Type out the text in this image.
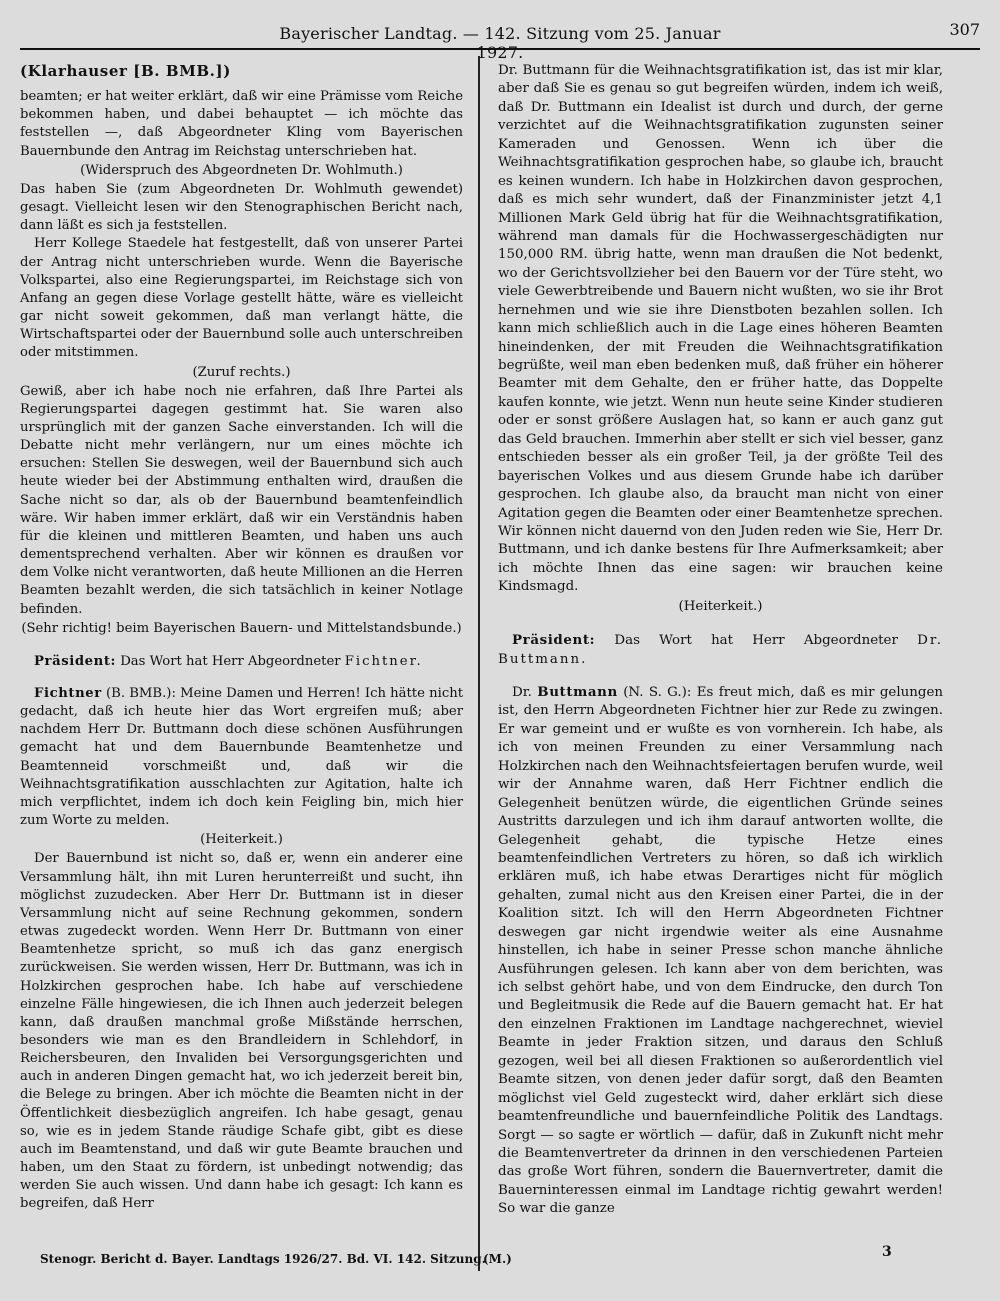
Bayerischer Landtag. — 142. Sitzung vom 25. Januar 1927.
307

(Klarhauser [B. BMB.])

beamten; er hat weiter erklärt, daß wir eine Prämisse vom Reiche bekommen haben, und dabei behauptet — ich möchte das feststellen —, daß Abgeordneter Kling vom Bayerischen Bauernbunde den Antrag im Reichstag unterschrieben hat.

(Widerspruch des Abgeordneten Dr. Wohlmuth.)

Das haben Sie (zum Abgeordneten Dr. Wohlmuth gewendet) gesagt. Vielleicht lesen wir den Stenographischen Bericht nach, dann läßt es sich ja feststellen.

Herr Kollege Staedele hat festgestellt, daß von unserer Partei der Antrag nicht unterschrieben wurde. Wenn die Bayerische Volkspartei, also eine Regierungspartei, im Reichstage sich von Anfang an gegen diese Vorlage gestellt hätte, wäre es vielleicht gar nicht soweit gekommen, daß man verlangt hätte, die Wirtschaftspartei oder der Bauernbund solle auch unterschreiben oder mitstimmen.

(Zuruf rechts.)

Gewiß, aber ich habe noch nie erfahren, daß Ihre Partei als Regierungspartei dagegen gestimmt hat. Sie waren also ursprünglich mit der ganzen Sache einverstanden. Ich will die Debatte nicht mehr verlängern, nur um eines möchte ich ersuchen: Stellen Sie deswegen, weil der Bauernbund sich auch heute wieder bei der Abstimmung enthalten wird, draußen die Sache nicht so dar, als ob der Bauernbund beamtenfeindlich wäre. Wir haben immer erklärt, daß wir ein Verständnis haben für die kleinen und mittleren Beamten, und haben uns auch dementsprechend verhalten. Aber wir können es draußen vor dem Volke nicht verantworten, daß heute Millionen an die Herren Beamten bezahlt werden, die sich tatsächlich in keiner Notlage befinden.

(Sehr richtig! beim Bayerischen Bauern- und Mittelstandsbunde.)

Präsident: Das Wort hat Herr Abgeordneter Fichtner.

Fichtner (B. BMB.): Meine Damen und Herren! Ich hätte nicht gedacht, daß ich heute hier das Wort ergreifen muß; aber nachdem Herr Dr. Buttmann doch diese schönen Ausführungen gemacht hat und dem Bauernbunde Beamtenhetze und Beamtenneid vorschmeißt und, daß wir die Weihnachtsgratifikation ausschlachten zur Agitation, halte ich mich verpflichtet, indem ich doch kein Feigling bin, mich hier zum Worte zu melden.

(Heiterkeit.)

Der Bauernbund ist nicht so, daß er, wenn ein anderer eine Versammlung hält, ihn mit Luren herunterreißt und sucht, ihn möglichst zuzudecken. Aber Herr Dr. Buttmann ist in dieser Versammlung nicht auf seine Rechnung gekommen, sondern etwas zugedeckt worden. Wenn Herr Dr. Buttmann von einer Beamtenhetze spricht, so muß ich das ganz energisch zurückweisen. Sie werden wissen, Herr Dr. Buttmann, was ich in Holzkirchen gesprochen habe. Ich habe auf verschiedene einzelne Fälle hingewiesen, die ich Ihnen auch jederzeit belegen kann, daß draußen manchmal große Mißstände herrschen, besonders wie man es den Brandleidern in Schlehdorf, in Reichersbeuren, den Invaliden bei Versorgungsgerichten und auch in anderen Dingen gemacht hat, wo ich jederzeit bereit bin, die Belege zu bringen. Aber ich möchte die Beamten nicht in der Öffentlichkeit diesbezüglich angreifen. Ich habe gesagt, genau so, wie es in jedem Stande räudige Schafe gibt, gibt es diese auch im Beamtenstand, und daß wir gute Beamte brauchen und haben, um den Staat zu fördern, ist unbedingt notwendig; das werden Sie auch wissen. Und dann habe ich gesagt: Ich kann es begreifen, daß Herr

Dr. Buttmann für die Weihnachtsgratifikation ist, das ist mir klar, aber daß Sie es genau so gut begreifen würden, indem ich weiß, daß Dr. Buttmann ein Idealist ist durch und durch, der gerne verzichtet auf die Weihnachtsgratifikation zugunsten seiner Kameraden und Genossen. Wenn ich über die Weihnachtsgratifikation gesprochen habe, so glaube ich, braucht es keinen wundern. Ich habe in Holzkirchen davon gesprochen, daß es mich sehr wundert, daß der Finanzminister jetzt 4,1 Millionen Mark Geld übrig hat für die Weihnachtsgratifikation, während man damals für die Hochwassergeschädigten nur 150,000 RM. übrig hatte, wenn man draußen die Not bedenkt, wo der Gerichtsvollzieher bei den Bauern vor der Türe steht, wo viele Gewerbtreibende und Bauern nicht wußten, wo sie ihr Brot hernehmen und wie sie ihre Dienstboten bezahlen sollen. Ich kann mich schließlich auch in die Lage eines höheren Beamten hineindenken, der mit Freuden die Weihnachtsgratifikation begrüßte, weil man eben bedenken muß, daß früher ein höherer Beamter mit dem Gehalte, den er früher hatte, das Doppelte kaufen konnte, wie jetzt. Wenn nun heute seine Kinder studieren oder er sonst größere Auslagen hat, so kann er auch ganz gut das Geld brauchen. Immerhin aber stellt er sich viel besser, ganz entschieden besser als ein großer Teil, ja der größte Teil des bayerischen Volkes und aus diesem Grunde habe ich darüber gesprochen. Ich glaube also, da braucht man nicht von einer Agitation gegen die Beamten oder einer Beamtenhetze sprechen. Wir können nicht dauernd von den Juden reden wie Sie, Herr Dr. Buttmann, und ich danke bestens für Ihre Aufmerksamkeit; aber ich möchte Ihnen das eine sagen: wir brauchen keine Kindsmagd.

(Heiterkeit.)

Präsident: Das Wort hat Herr Abgeordneter Dr. Buttmann.

Dr. Buttmann (N. S. G.): Es freut mich, daß es mir gelungen ist, den Herrn Abgeordneten Fichtner hier zur Rede zu zwingen. Er war gemeint und er wußte es von vornherein. Ich habe, als ich von meinen Freunden zu einer Versammlung nach Holzkirchen nach den Weihnachtsfeiertagen berufen wurde, weil wir der Annahme waren, daß Herr Fichtner endlich die Gelegenheit benützen würde, die eigentlichen Gründe seines Austritts darzulegen und ich ihm darauf antworten wollte, die Gelegenheit gehabt, die typische Hetze eines beamtenfeindlichen Vertreters zu hören, so daß ich wirklich erklären muß, ich habe etwas Derartiges nicht für möglich gehalten, zumal nicht aus den Kreisen einer Partei, die in der Koalition sitzt. Ich will den Herrn Abgeordneten Fichtner deswegen gar nicht irgendwie weiter als eine Ausnahme hinstellen, ich habe in seiner Presse schon manche ähnliche Ausführungen gelesen. Ich kann aber von dem berichten, was ich selbst gehört habe, und von dem Eindrucke, den durch Ton und Begleitmusik die Rede auf die Bauern gemacht hat. Er hat den einzelnen Fraktionen im Landtage nachgerechnet, wieviel Beamte in jeder Fraktion sitzen, und daraus den Schluß gezogen, weil bei all diesen Fraktionen so außerordentlich viel Beamte sitzen, von denen jeder dafür sorgt, daß den Beamten möglichst viel Geld zugesteckt wird, daher erklärt sich diese beamtenfreundliche und bauernfeindliche Politik des Landtags. Sorgt — so sagte er wörtlich — dafür, daß in Zukunft nicht mehr die Beamtenvertreter da drinnen in den verschiedenen Parteien das große Wort führen, sondern die Bauernvertreter, damit die Bauerninteressen einmal im Landtage richtig gewahrt werden! So war die ganze

Stenogr. Bericht d. Bayer. Landtags 1926/27. Bd. VI. 142. Sitzung.
(M.)	3
